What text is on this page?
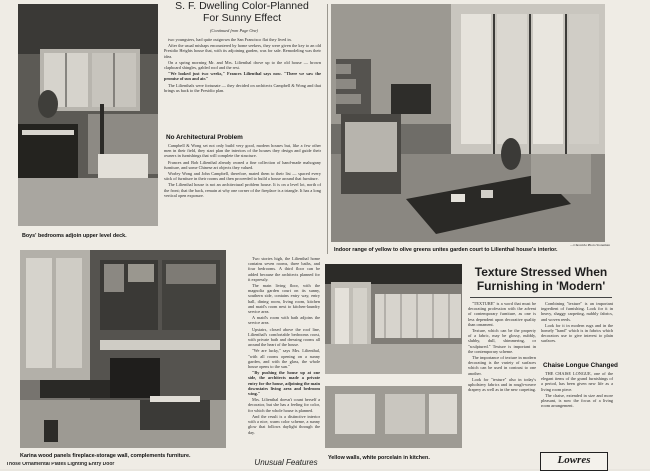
Boys' bedrooms adjoin upper level deck.
S. F. Dwelling Color-Planned
For Sunny Effect
(Continued from Page One)

two youngsters, had quite outgrown the San Francisco flat they lived in.

After the usual mishaps encountered by home seekers, they were given the key to an old Presidio Heights house that, with its adjoining garden, was for sale. Remodeling was their idea.

On a spring morning Mr. and Mrs. Lilienthal drove up to the old house — brown clapboard shingles, gabled roof and the rest.

"We looked just two weeks," Frances Lilienthal says now. "There we saw the promise of sun and air."

The Lilienthals were fortunate — they decided on architects Campbell & Wong and that brings us back to the Presidio plan.

No Architectural Problem

Campbell & Wong set not only build very good, modern houses but, like a few other men in their field, they start plan the interiors of the houses they design and guide their owners in furnishings that will complete the structure.

Frances and Bob Lilienthal already owned a fine collection of hand-made mahogany furniture, and some Chinese art objects they valued.

Worley Wong and John Campbell, therefore, mated them to their list — spaced every stick of furniture in their rooms and then proceeded to build a house around that furniture.

The Lilienthal house is not an architectural problem house. It is on a level lot, north of the front; that the back, remain at why one corner of the fireplace is a triangle. It has a long vertical open exposure.

Indoor range of yellow to olive greens unites garden court to Lilienthal house's interior.
—Chronicle Photo Stoneman
Karina wood panels fireplace-storage wall, complements furniture.

Two stories high, the Lilienthal home contains seven rooms, three baths, and four bedrooms. A third floor can be added because the architects planned for it expressly.

The main living floor, with the magnolia garden court on its sunny, southern side, contains entry way, entry hall, dining room, living room, kitchen and maid's room next to kitchen-laundry service area.

A maid's room with bath adjoins the service area.

Upstairs, closed above the roof line, Lilienthal's comfortable bedrooms roost, with private bath and dressing rooms all around the heart of the house.

"We are lucky," says Mrs. Lilienthal, "with all rooms opening on a sunny garden, and with the glass, the whole house opens to the sun."

"By pushing the house up at one side, the architects made a private entry for the house, adjoining the main downstairs living area and bedroom wing."

Mrs. Lilienthal doesn't count herself a decorator, but she has a feeling for color, for which the whole house is planned.

And the result is a distinctive interior with a nice, warm color scheme, a sunny glow that follows daylight through the day.

Unusual Features	Yellow walls, white porcelain in kitchen.
Texture Stressed When
Furnishing in 'Modern'

"TEXTURE" is a word that must be decorating profession with the advent of contemporary furniture, as one is less dependent upon decorative quality than ornament.

Texture, which can be the property of a fabric, may be glossy, nubbly, slubby, dull, shimmering, or "sculptured." Texture is important in the contemporary scheme.

The importance of texture in modern decorating is the variety of surfaces which can be used in contrast to one another.

Look for "texture" also in today's upholstery fabrics and in rough-weave drapery as well as in the new carpeting.

Combining "texture" is an important ingredient of furnishing. Look for it in heavy, shaggy carpeting, nubbly fabrics, and woven reeds.

Look for it in modern rugs and in the homely "hand" which is in fabrics which decorators use to give interest to plain surfaces.

Chaise Longue Changed

THE CHAISE LONGUE, one of the elegant items of the grand furnishings of a period, has been given new life as a living room piece.

The chaise, extended in size and more pleasant, is now the focus of a living room arrangement.

Those Ornamental Plates Lighting Entry Door	Lowres
